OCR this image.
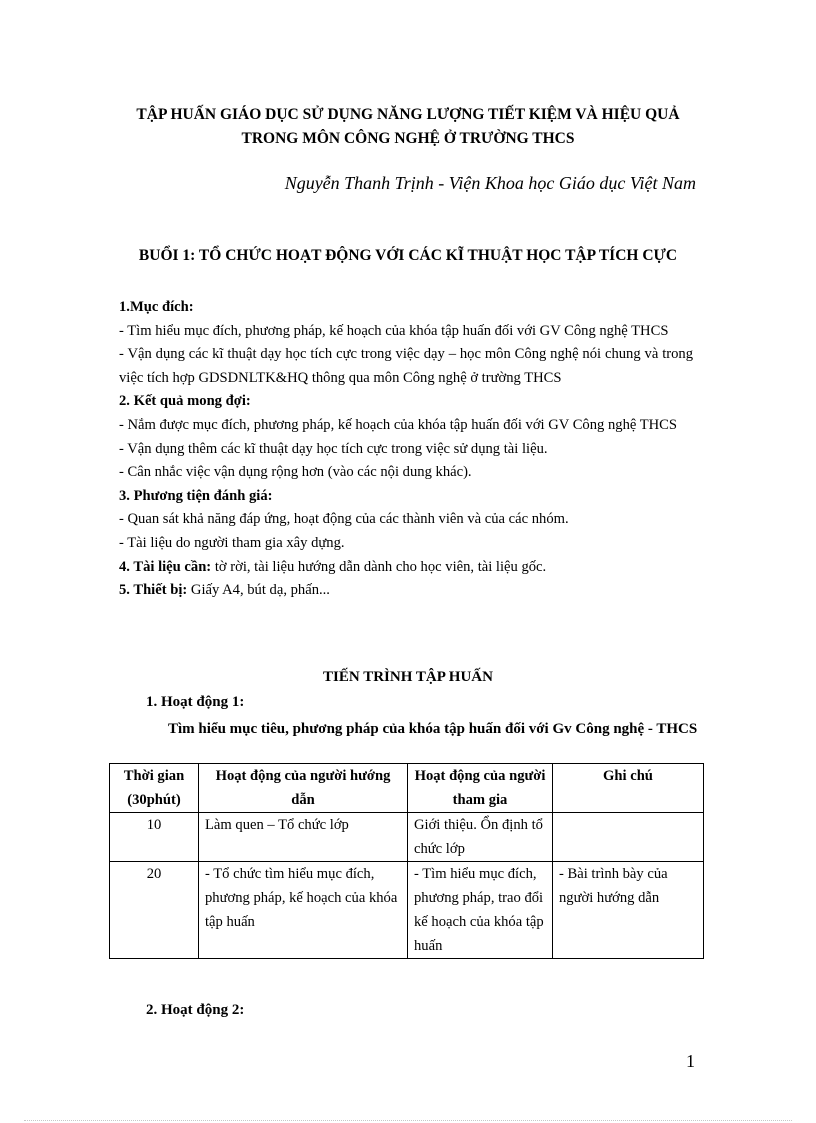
TẬP HUẤN GIÁO DỤC SỬ DỤNG NĂNG LƯỢNG TIẾT KIỆM VÀ HIỆU QUẢ
TRONG MÔN CÔNG NGHỆ Ở TRƯỜNG THCS
Nguyễn Thanh Trịnh - Viện Khoa học Giáo dục Việt Nam
BUỔI 1: TỔ CHỨC HOẠT ĐỘNG VỚI CÁC KĨ THUẬT HỌC TẬP TÍCH CỰC

1.Mục đích:

- Tìm hiểu mục đích, phương pháp, kế hoạch của khóa tập huấn đối với GV Công nghệ THCS

- Vận dụng các kĩ thuật dạy học tích cực trong việc dạy – học môn Công nghệ nói chung và trong việc tích hợp GDSDNLTK&HQ thông qua môn Công nghệ ở trường THCS

2. Kết quả mong đợi:

- Nắm được mục đích, phương pháp, kế hoạch của khóa tập huấn đối với GV Công nghệ THCS

- Vận dụng thêm các kĩ thuật dạy học tích cực trong việc sử dụng tài liệu.

- Cân nhắc việc vận dụng rộng hơn (vào các nội dung khác).

3. Phương tiện đánh giá:

- Quan sát khả năng đáp ứng, hoạt động của các thành viên và của các nhóm.

- Tài liệu do người tham gia xây dựng.

4. Tài liệu cần: tờ rời, tài liệu hướng dẫn dành cho học viên, tài liệu gốc.

5. Thiết bị: Giấy A4, bút dạ, phấn...

TIẾN TRÌNH TẬP HUẤN
1. Hoạt động 1:
Tìm hiểu mục tiêu, phương pháp của khóa tập huấn đối với Gv Công nghệ - THCS
Thời gian (30phút)	Hoạt động của người hướng dẫn	Hoạt động của người tham gia	Ghi chú
10	Làm quen – Tổ chức lớp	Giới thiệu. Ổn định tổ chức lớp	
20	- Tổ chức tìm hiểu mục đích, phương pháp, kế hoạch của khóa tập huấn	- Tìm hiểu mục đích, phương pháp, trao đổi kế hoạch của khóa tập huấn	- Bài trình bày của người hướng dẫn
2. Hoạt động 2:
1
